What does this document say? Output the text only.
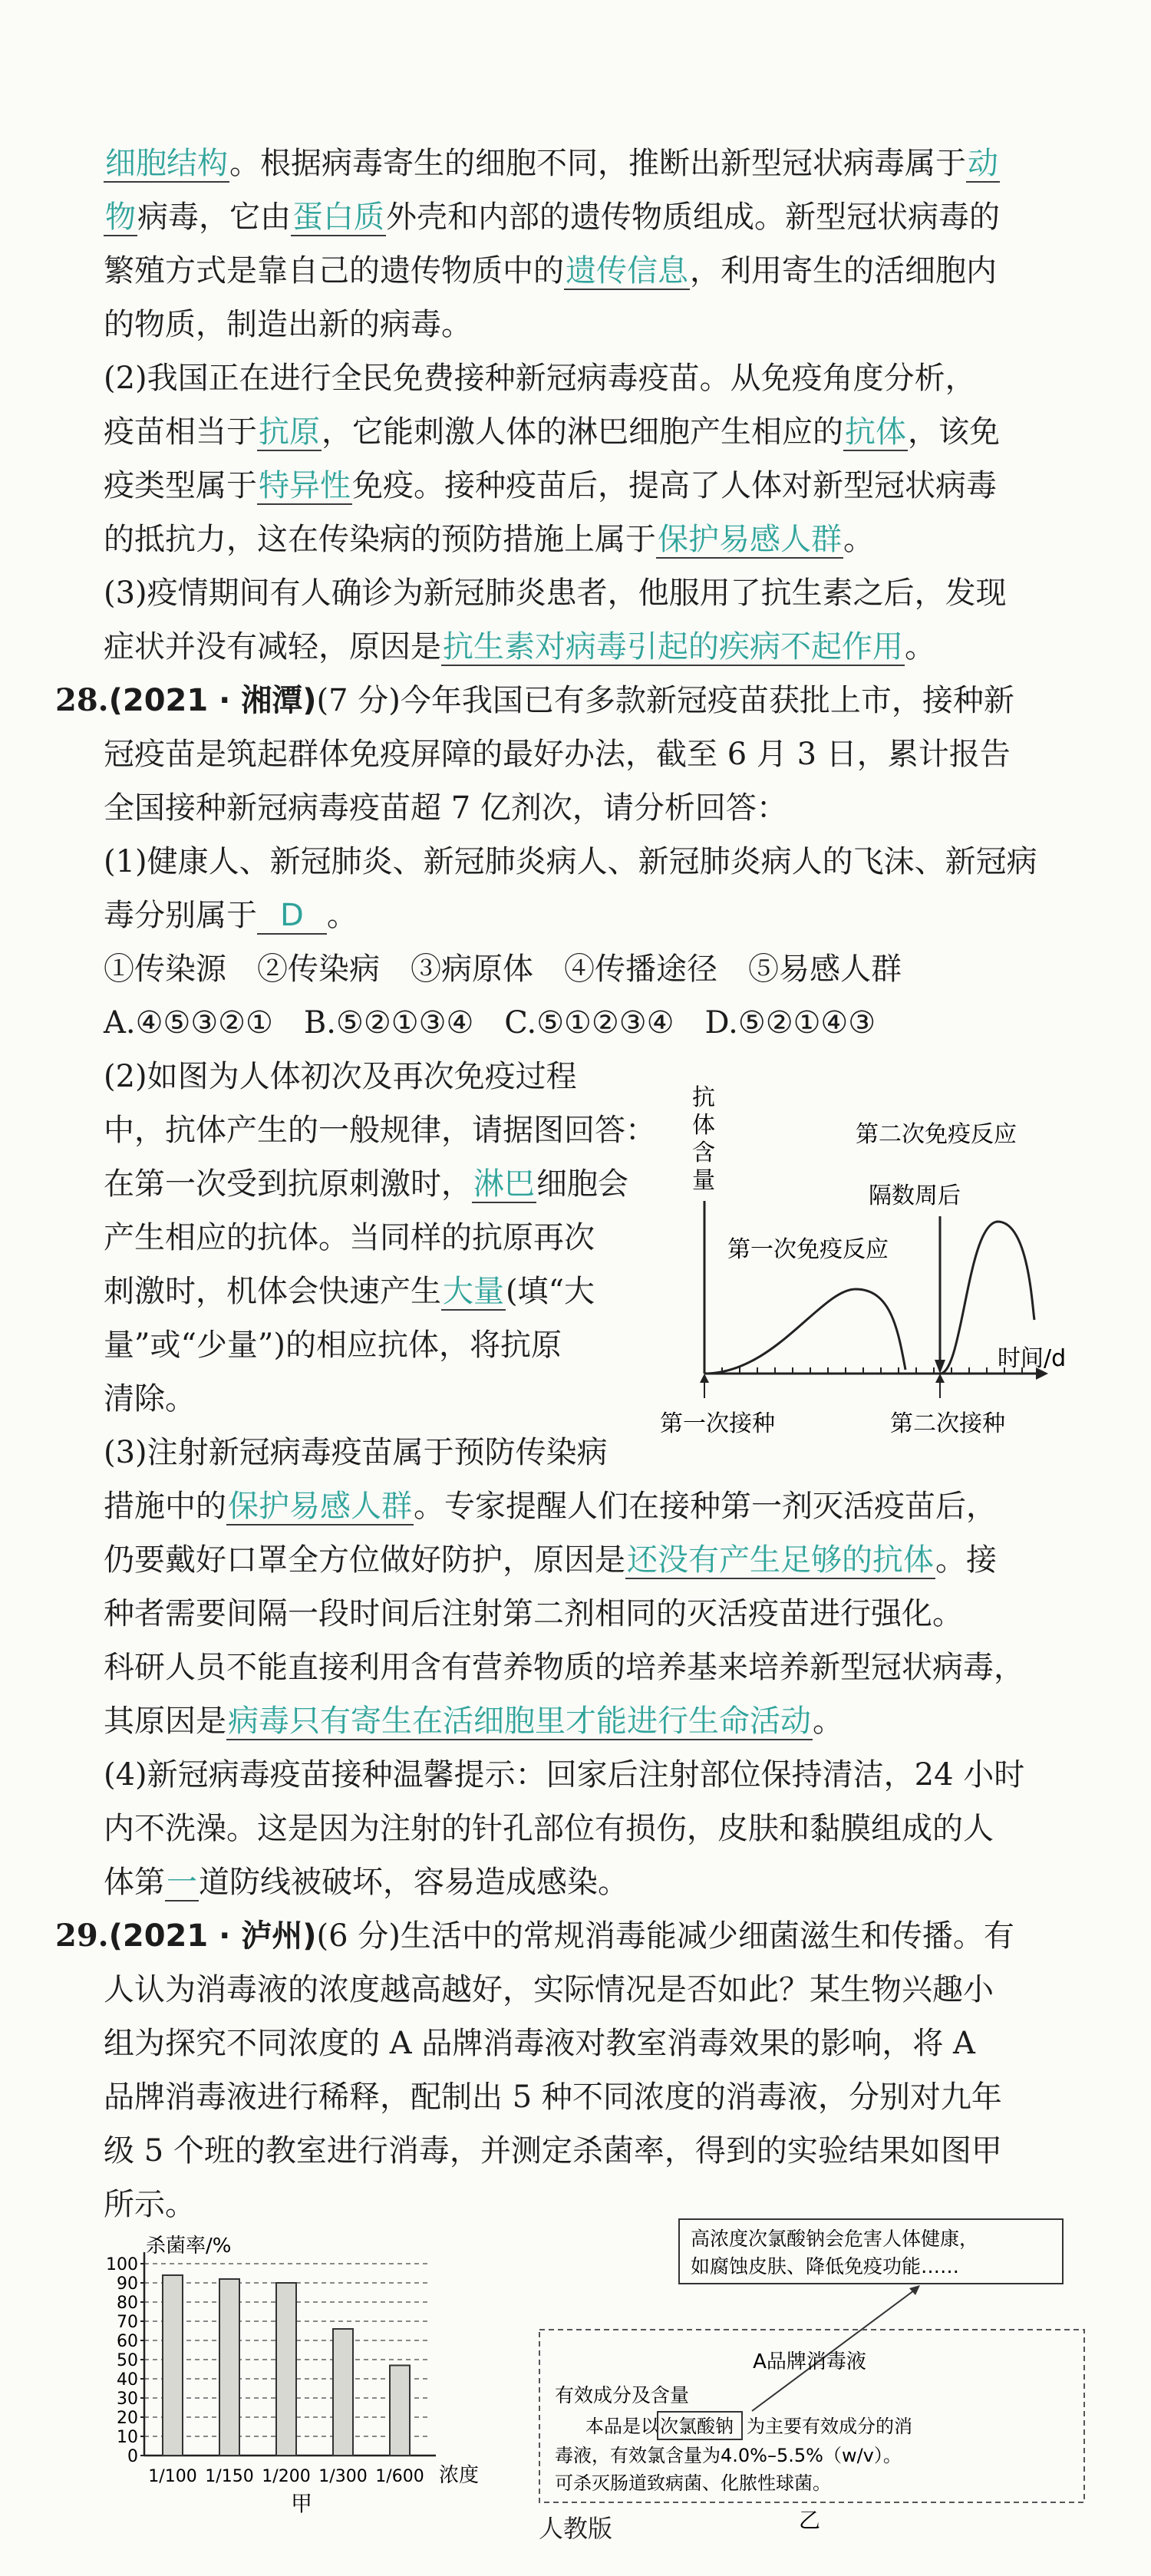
细胞结构。根据病毒寄生的细胞不同，推断出新型冠状病毒属于动
物病毒，它由蛋白质外壳和内部的遗传物质组成。新型冠状病毒的
繁殖方式是靠自己的遗传物质中的遗传信息，利用寄生的活细胞内
的物质，制造出新的病毒。
(2)我国正在进行全民免费接种新冠病毒疫苗。从免疫角度分析，
疫苗相当于抗原，它能刺激人体的淋巴细胞产生相应的抗体，该免
疫类型属于特异性免疫。接种疫苗后，提高了人体对新型冠状病毒
的抵抗力，这在传染病的预防措施上属于保护易感人群。
(3)疫情期间有人确诊为新冠肺炎患者，他服用了抗生素之后，发现
症状并没有减轻，原因是抗生素对病毒引起的疾病不起作用。
28.(2021 · 湘潭)(7 分)今年我国已有多款新冠疫苗获批上市，接种新
冠疫苗是筑起群体免疫屏障的最好办法，截至 6 月 3 日，累计报告
全国接种新冠病毒疫苗超 7 亿剂次，请分析回答：
(1)健康人、新冠肺炎、新冠肺炎病人、新冠肺炎病人的飞沫、新冠病
毒分别属于 D 。
①传染源　②传染病　③病原体　④传播途径　⑤易感人群
A.④⑤③②①　B.⑤②①③④　C.⑤①②③④　D.⑤②①④③
(2)如图为人体初次及再次免疫过程
中，抗体产生的一般规律，请据图回答：
在第一次受到抗原刺激时，淋巴细胞会
产生相应的抗体。当同样的抗原再次
刺激时，机体会快速产生大量(填“大
量”或“少量”)的相应抗体，将抗原
清除。
(3)注射新冠病毒疫苗属于预防传染病
抗
体
含
量
第一次免疫反应
第二次免疫反应
隔数周后
时间/d
第一次接种	第二次接种
措施中的保护易感人群。专家提醒人们在接种第一剂灭活疫苗后，
仍要戴好口罩全方位做好防护，原因是还没有产生足够的抗体。接
种者需要间隔一段时间后注射第二剂相同的灭活疫苗进行强化。
科研人员不能直接利用含有营养物质的培养基来培养新型冠状病毒，
其原因是病毒只有寄生在活细胞里才能进行生命活动。
(4)新冠病毒疫苗接种温馨提示：回家后注射部位保持清洁，24 小时
内不洗澡。这是因为注射的针孔部位有损伤，皮肤和黏膜组成的人
体第一道防线被破坏，容易造成感染。
29.(2021 · 泸州)(6 分)生活中的常规消毒能减少细菌滋生和传播。有
人认为消毒液的浓度越高越好，实际情况是否如此？某生物兴趣小
组为探究不同浓度的 A 品牌消毒液对教室消毒效果的影响，将 A
品牌消毒液进行稀释，配制出 5 种不同浓度的消毒液，分别对九年
级 5 个班的教室进行消毒，并测定杀菌率，得到的实验结果如图甲
所示。
杀菌率/%
0
10
20
30
40
50
60
70
80
90
100
1/100 1/150 1/200 1/300 1/600 浓度
甲
高浓度次氯酸钠会危害人体健康，
如腐蚀皮肤、降低免疫功能……
A品牌消毒液
有效成分及含量
本品是以 次氯酸钠 为主要有效成分的消
毒液，有效氯含量为4.0%–5.5%（w/v）。
可杀灭肠道致病菌、化脓性球菌。
乙
人教版
